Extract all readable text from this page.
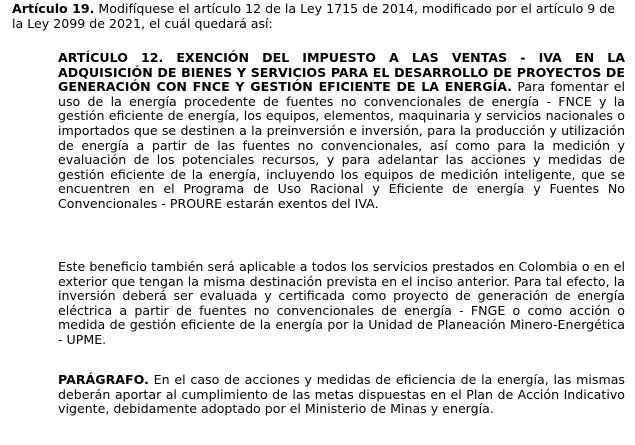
Artículo 19. Modifíquese el artículo 12 de la Ley 1715 de 2014, modificado por el artículo 9 de la Ley 2099 de 2021, el cuál quedará así:

ARTÍCULO 12. EXENCIÓN DEL IMPUESTO A LAS VENTAS - IVA EN LA ADQUISICIÓN DE BIENES Y SERVICIOS PARA EL DESARROLLO DE PROYECTOS DE GENERACIÓN CON FNCE Y GESTIÓN EFICIENTE DE LA ENERGÍA. Para fomentar el uso de la energía procedente de fuentes no convencionales de energía - FNCE y la gestión eficiente de energía, los equipos, elementos, maquinaria y servicios nacionales o importados que se destinen a la preinversión e inversión, para la producción y utilización de energía a partir de las fuentes no convencionales, así como para la medición y evaluación de los potenciales recursos, y para adelantar las acciones y medidas de gestión eficiente de la energía, incluyendo los equipos de medición inteligente, que se encuentren en el Programa de Uso Racional y Eficiente de energía y Fuentes No Convencionales - PROURE estarán exentos del IVA.

Este beneficio también será aplicable a todos los servicios prestados en Colombia o en el exterior que tengan la misma destinación prevista en el inciso anterior. Para tal efecto, la inversión deberá ser evaluada y certificada como proyecto de generación de energía eléctrica a partir de fuentes no convencionales de energía - FNGE o como acción o medida de gestión eficiente de la energía por la Unidad de Planeación Minero-Energética - UPME.

PARÁGRAFO. En el caso de acciones y medidas de eficiencia de la energía, las mismas deberán aportar al cumplimiento de las metas dispuestas en el Plan de Acción Indicativo vigente, debidamente adoptado por el Ministerio de Minas y energía.
